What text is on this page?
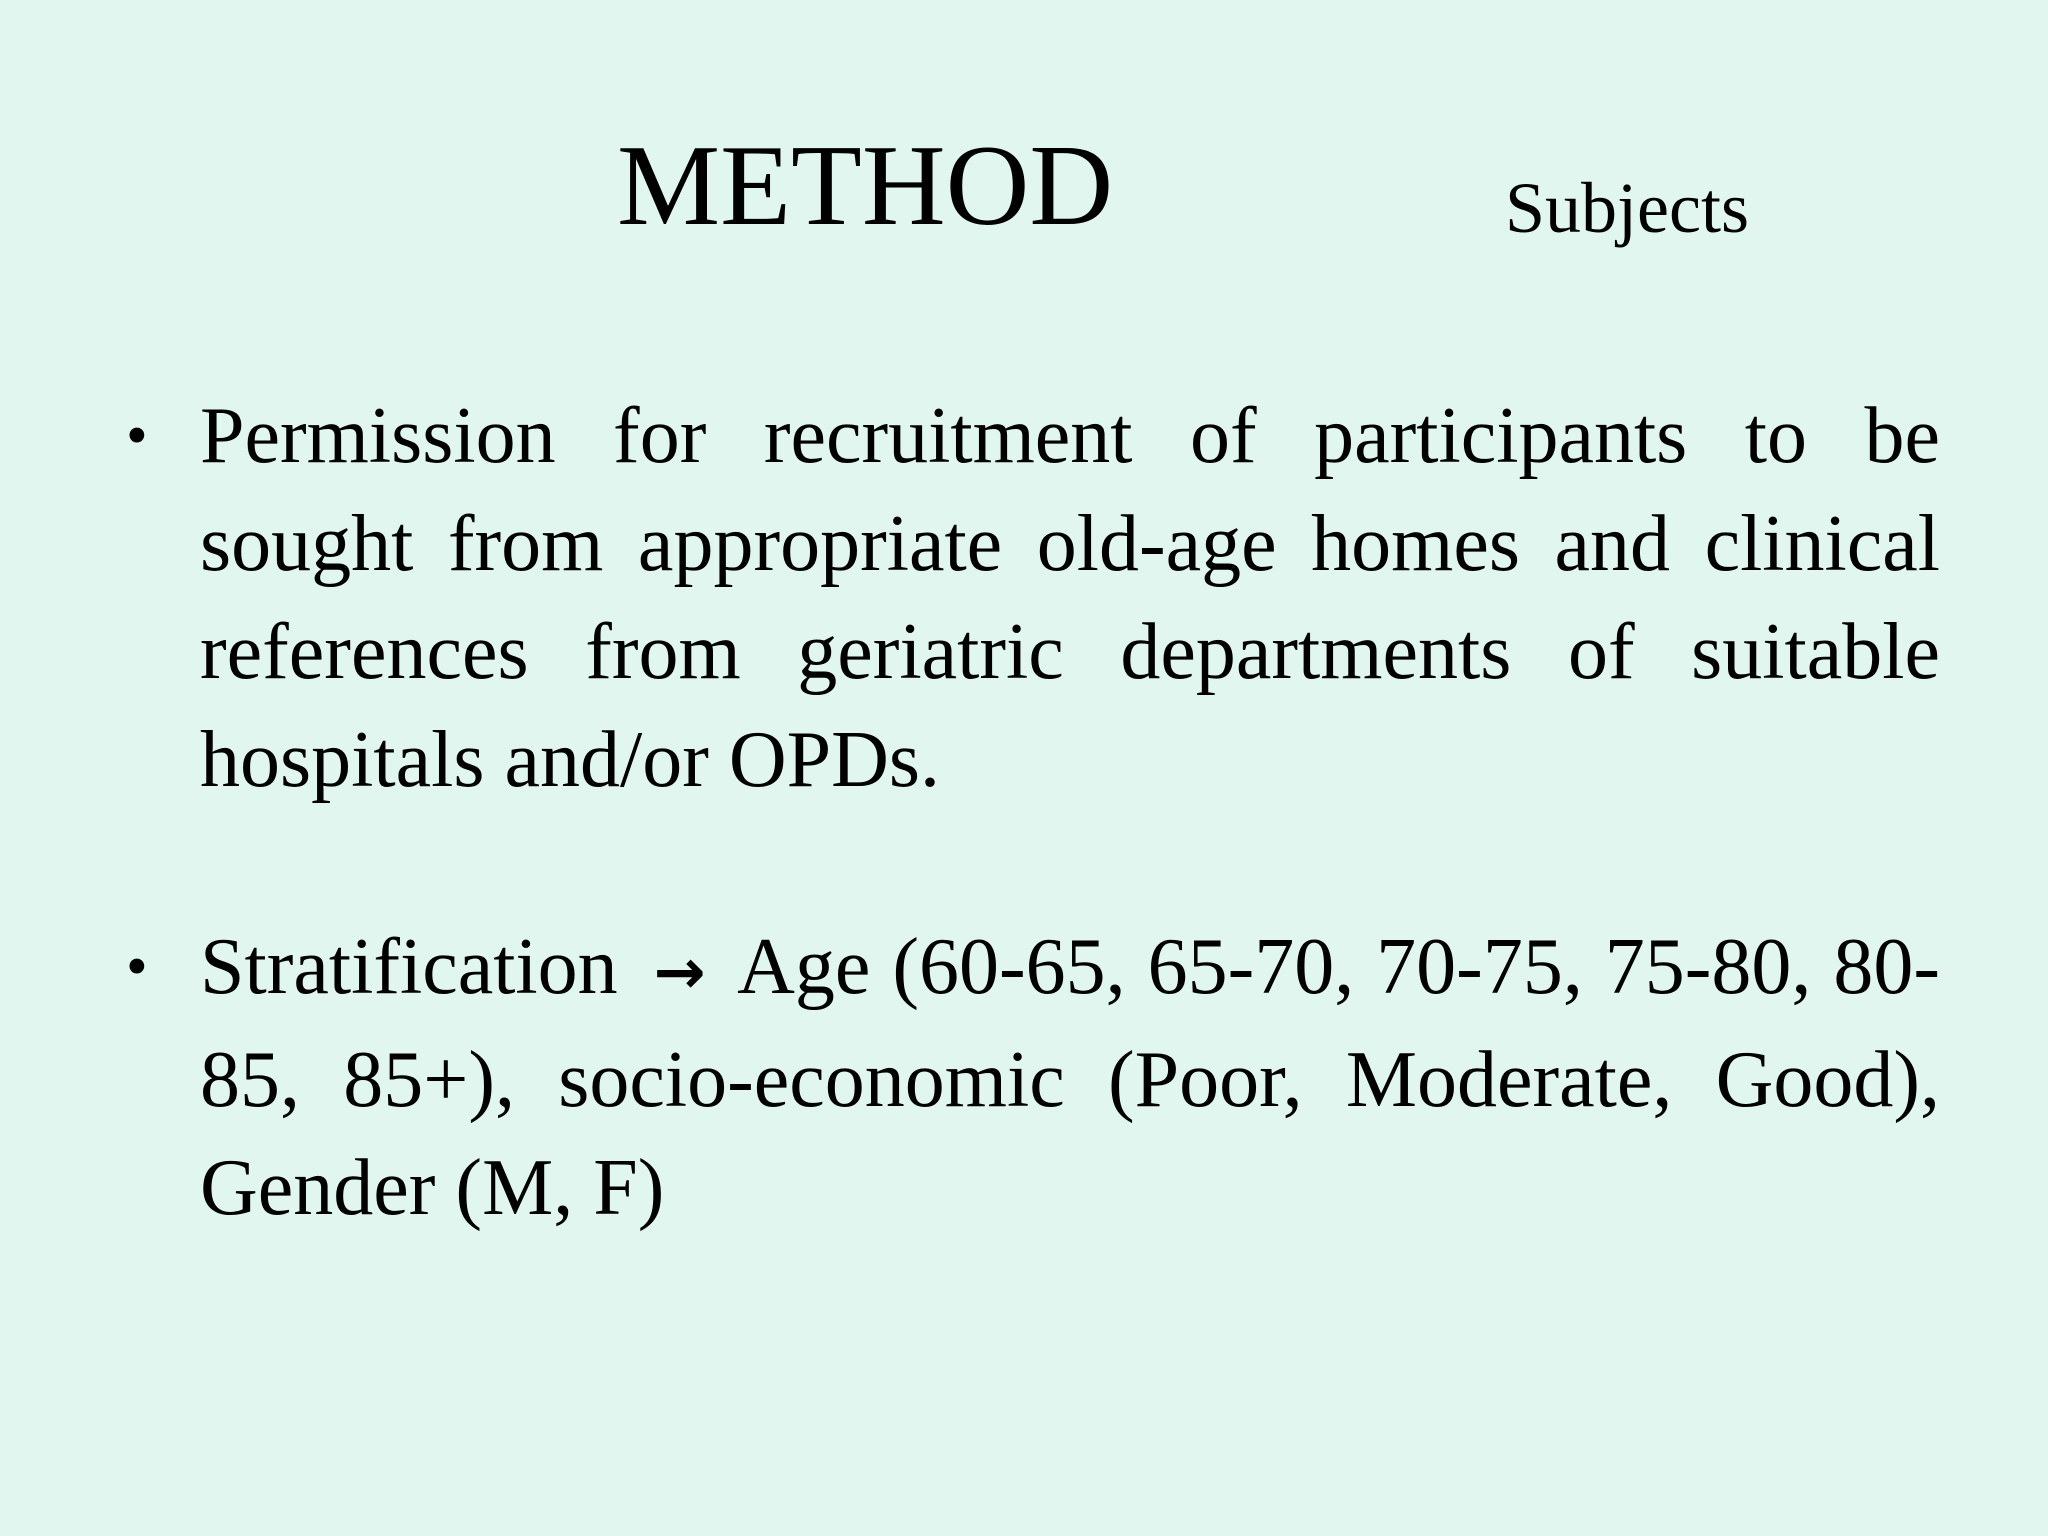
METHOD	Subjects
• Permission for recruitment of participants to be sought from appropriate old-age homes and clinical references from geriatric departments of suitable hospitals and/or OPDs.
• Stratification → Age (60-65, 65-70, 70-75, 75-80, 80-85, 85+), socio-economic (Poor, Moderate, Good), Gender (M, F)
